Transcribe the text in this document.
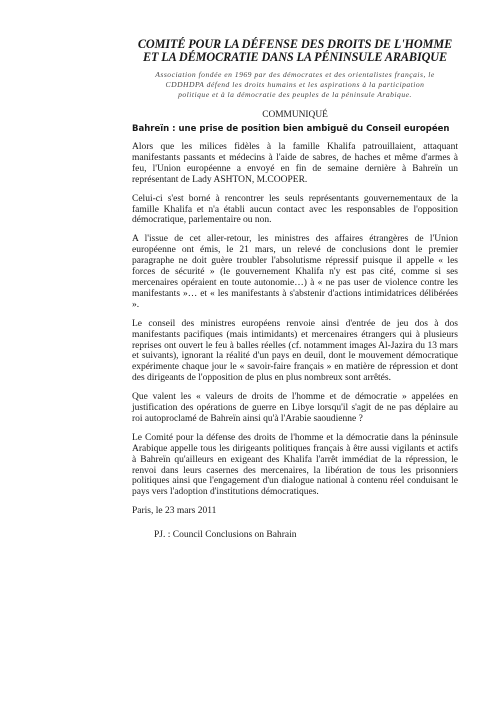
COMITÉ POUR LA DÉFENSE DES DROITS DE L'HOMME
ET LA DÉMOCRATIE DANS LA PÉNINSULE ARABIQUE
Association fondée en 1969 par des démocrates et des orientalistes français, le
CDDHDPA défend les droits humains et les aspirations à la participation
politique et à la démocratie des peuples de la péninsule Arabique.
COMMUNIQUÉ
Bahreïn : une prise de position bien ambiguë du Conseil européen

Alors que les milices fidèles à la famille Khalifa patrouillaient, attaquant manifestants passants et médecins à l'aide de sabres, de haches et même d'armes à feu, l'Union européenne a envoyé en fin de semaine dernière à Bahreïn un représentant de Lady ASHTON, M.COOPER.

Celui-ci s'est borné à rencontrer les seuls représentants gouvernementaux de la famille Khalifa et n'a établi aucun contact avec les responsables de l'opposition démocratique, parlementaire ou non.

A l'issue de cet aller-retour, les ministres des affaires étrangères de l'Union européenne ont émis, le 21 mars, un relevé de conclusions dont le premier paragraphe ne doit guère troubler l'absolutisme répressif puisque il appelle « les forces de sécurité » (le gouvernement Khalifa n'y est pas cité, comme si ses mercenaires opéraient en toute autonomie…) à « ne pas user de violence contre les manifestants »… et « les manifestants à s'abstenir d'actions intimidatrices délibérées ».

Le conseil des ministres européens renvoie ainsi d'entrée de jeu dos à dos manifestants pacifiques (mais intimidants) et mercenaires étrangers qui à plusieurs reprises ont ouvert le feu à balles réelles (cf. notamment images Al-Jazira du 13 mars et suivants), ignorant la réalité d'un pays en deuil, dont le mouvement démocratique expérimente chaque jour le « savoir-faire français » en matière de répression et dont des dirigeants de l'opposition de plus en plus nombreux sont arrêtés.

Que valent les « valeurs de droits de l'homme et de démocratie » appelées en justification des opérations de guerre en Libye lorsqu'il s'agit de ne pas déplaire au roi autoproclamé de Bahreïn ainsi qu'à l'Arabie saoudienne ?

Le Comité pour la défense des droits de l'homme et la démocratie dans la péninsule Arabique appelle tous les dirigeants politiques français à être aussi vigilants et actifs à Bahreïn qu'ailleurs en exigeant des Khalifa l'arrêt immédiat de la répression, le renvoi dans leurs casernes des mercenaires, la libération de tous les prisonniers politiques ainsi que l'engagement d'un dialogue national à contenu réel conduisant le pays vers l'adoption d'institutions démocratiques.

Paris, le 23 mars 2011
PJ. : Council Conclusions on Bahrain
